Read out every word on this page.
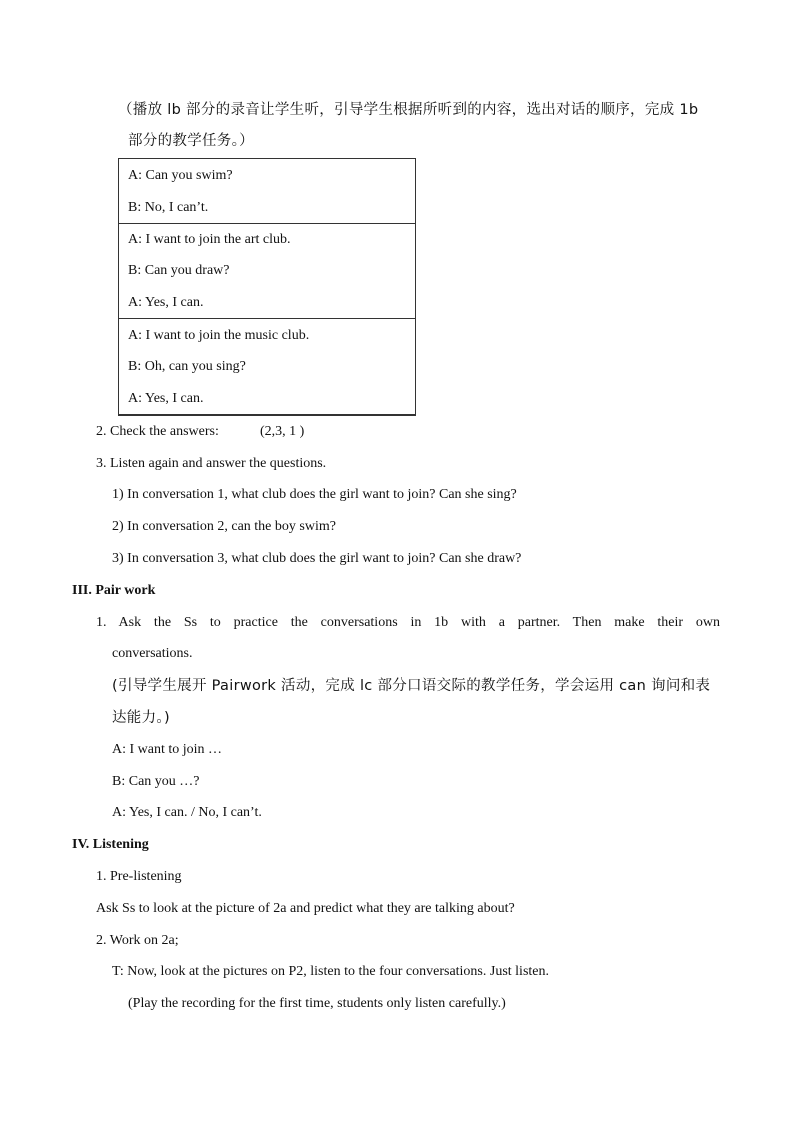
（播放 lb 部分的录音让学生听，引导学生根据所听到的内容，选出对话的顺序，完成 1b
部分的教学任务。）
A: Can you swim?
B: No, I can’t.
A: I want to join the art club.
B: Can you draw?
A: Yes, I can.
A: I want to join the music club.
B: Oh, can you sing?
A: Yes, I can.
2. Check the answers:	(2,3, 1 )
3. Listen again and answer the questions.
1) In conversation 1, what club does the girl want to join? Can she sing?
2) In conversation 2, can the boy swim?
3) In conversation 3, what club does the girl want to join? Can she draw?
III. Pair work
1. Ask the Ss to practice the conversations in 1b with a partner. Then make their own
conversations.
(引导学生展开 Pairwork 活动，完成 lc 部分口语交际的教学任务，学会运用 can 询问和表
达能力。)
A: I want to join …
B: Can you …?
A: Yes, I can. / No, I can’t.
IV. Listening
1. Pre-listening
Ask Ss to look at the picture of 2a and predict what they are talking about?
2. Work on 2a;
T: Now, look at the pictures on P2, listen to the four conversations. Just listen.
(Play the recording for the first time, students only listen carefully.)
